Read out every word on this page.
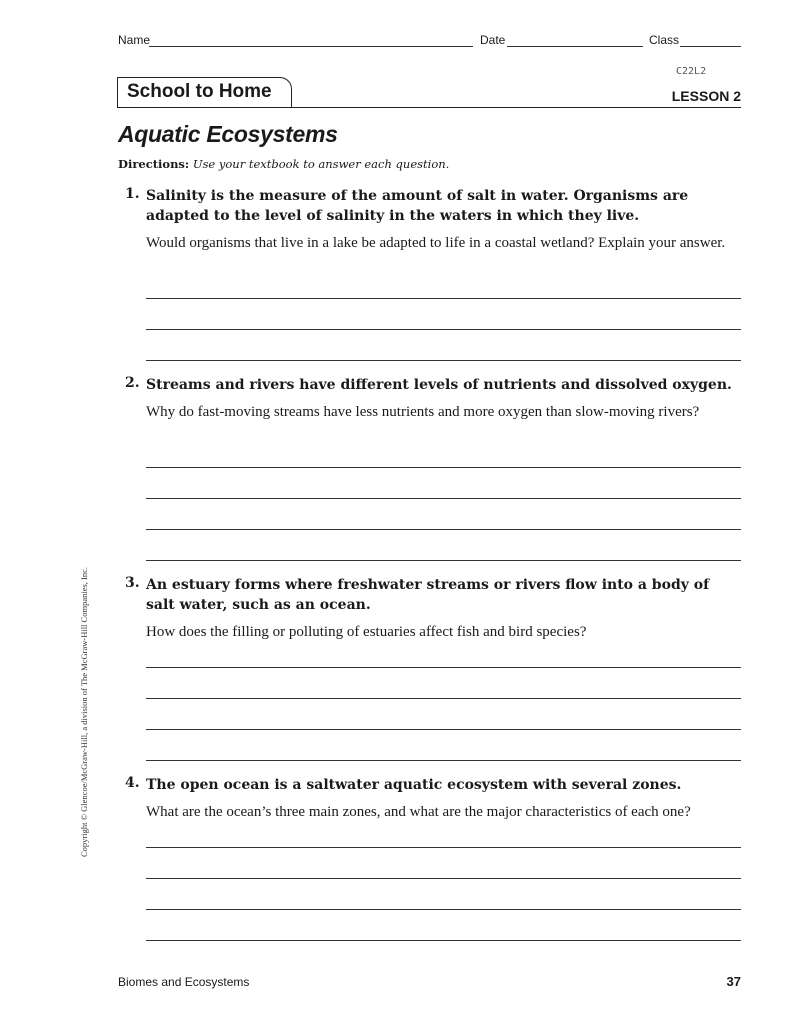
Name	Date	Class
C22L2
School to Home	LESSON 2
Aquatic Ecosystems
Directions: Use your textbook to answer each question.
1. Salinity is the measure of the amount of salt in water. Organisms are adapted to the level of salinity in the waters in which they live.
Would organisms that live in a lake be adapted to life in a coastal wetland? Explain your answer.
2. Streams and rivers have different levels of nutrients and dissolved oxygen.
Why do fast-moving streams have less nutrients and more oxygen than slow-moving rivers?
3. An estuary forms where freshwater streams or rivers flow into a body of salt water, such as an ocean.
How does the filling or polluting of estuaries affect fish and bird species?
4. The open ocean is a saltwater aquatic ecosystem with several zones.
What are the ocean’s three main zones, and what are the major characteristics of each one?
Copyright © Glencoe/McGraw-Hill, a division of The McGraw-Hill Companies, Inc.
Biomes and Ecosystems	37
